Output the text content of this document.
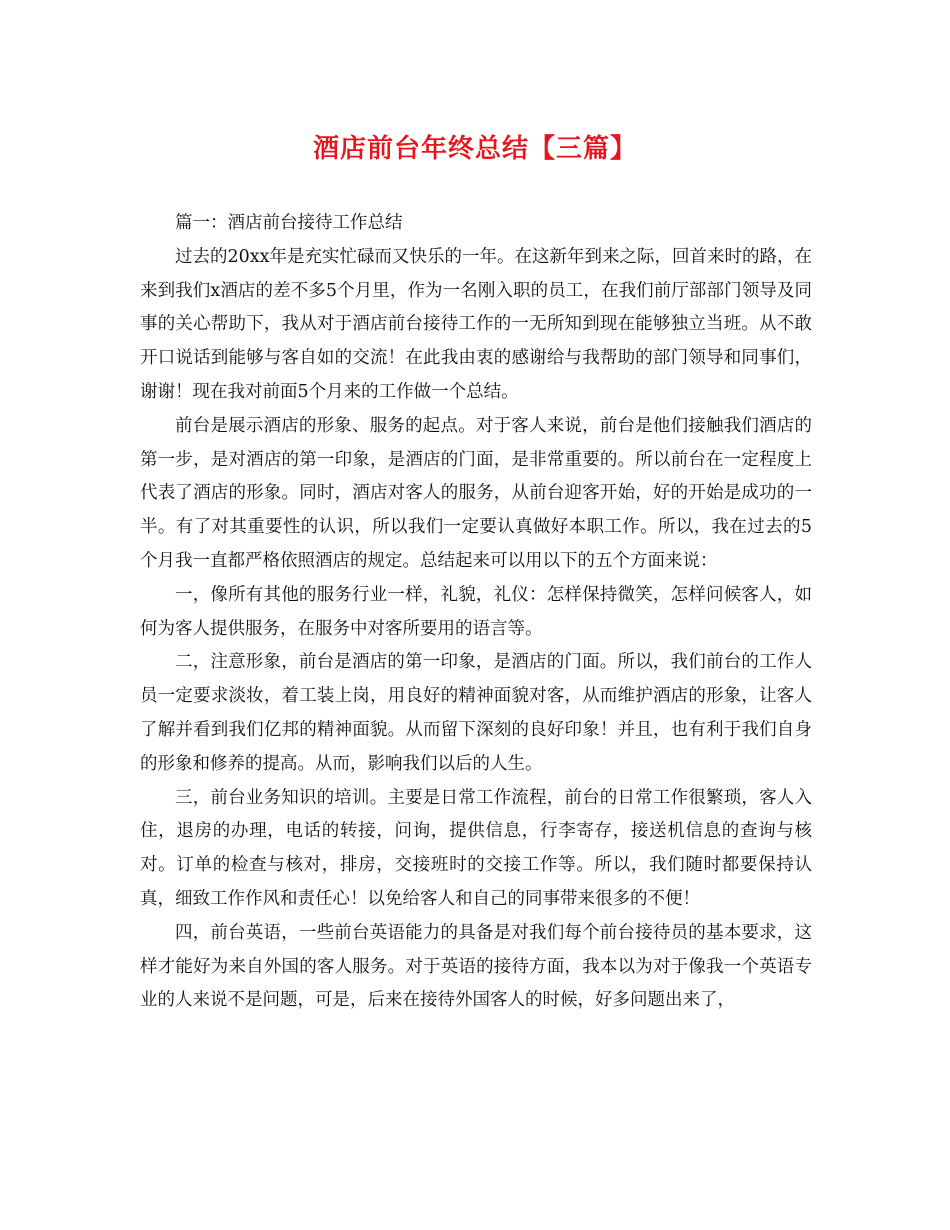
酒店前台年终总结【三篇】

篇一：酒店前台接待工作总结

过去的20xx年是充实忙碌而又快乐的一年。在这新年到来之际，回首来时的路，在来到我们x酒店的差不多5个月里，作为一名刚入职的员工，在我们前厅部部门领导及同事的关心帮助下，我从对于酒店前台接待工作的一无所知到现在能够独立当班。从不敢开口说话到能够与客自如的交流！在此我由衷的感谢给与我帮助的部门领导和同事们，谢谢！现在我对前面5个月来的工作做一个总结。

前台是展示酒店的形象、服务的起点。对于客人来说，前台是他们接触我们酒店的第一步，是对酒店的第一印象，是酒店的门面，是非常重要的。所以前台在一定程度上代表了酒店的形象。同时，酒店对客人的服务，从前台迎客开始，好的开始是成功的一半。有了对其重要性的认识，所以我们一定要认真做好本职工作。所以，我在过去的5个月我一直都严格依照酒店的规定。总结起来可以用以下的五个方面来说：

一，像所有其他的服务行业一样，礼貌，礼仪：怎样保持微笑，怎样问候客人，如何为客人提供服务，在服务中对客所要用的语言等。

二，注意形象，前台是酒店的第一印象，是酒店的门面。所以，我们前台的工作人员一定要求淡妆，着工装上岗，用良好的精神面貌对客，从而维护酒店的形象，让客人了解并看到我们亿邦的精神面貌。从而留下深刻的良好印象！并且，也有利于我们自身的形象和修养的提高。从而，影响我们以后的人生。

三，前台业务知识的培训。主要是日常工作流程，前台的日常工作很繁琐，客人入住，退房的办理，电话的转接，问询，提供信息，行李寄存，接送机信息的查询与核对。订单的检查与核对，排房，交接班时的交接工作等。所以，我们随时都要保持认真，细致工作作风和责任心！以免给客人和自己的同事带来很多的不便！

四，前台英语，一些前台英语能力的具备是对我们每个前台接待员的基本要求，这样才能好为来自外国的客人服务。对于英语的接待方面，我本以为对于像我一个英语专业的人来说不是问题，可是，后来在接待外国客人的时候，好多问题出来了，
